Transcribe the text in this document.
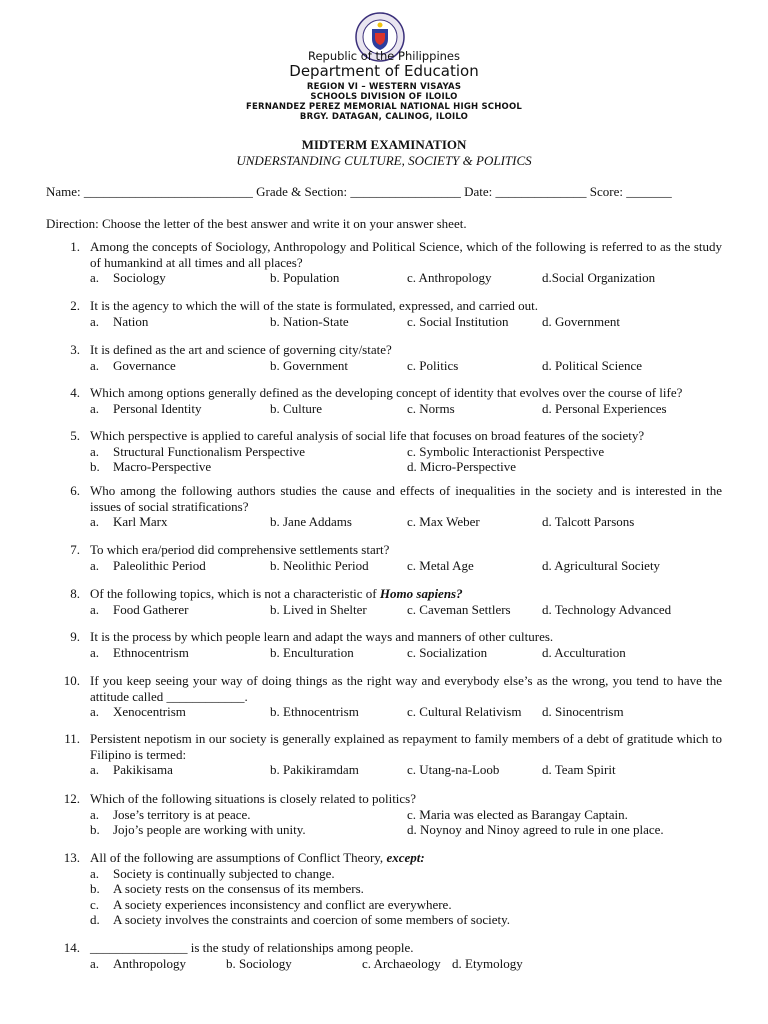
Republic of the Philippines
Department of Education
REGION VI – WESTERN VISAYAS
SCHOOLS DIVISION OF ILOILO
FERNANDEZ PEREZ MEMORIAL NATIONAL HIGH SCHOOL
BRGY. DATAGAN, CALINOG, ILOILO
MIDTERM EXAMINATION
UNDERSTANDING CULTURE, SOCIETY & POLITICS
Name: __________________________ Grade & Section: _________________ Date: ______________ Score: _______
Direction: Choose the letter of the best answer and write it on your answer sheet.
1. Among the concepts of Sociology, Anthropology and Political Science, which of the following is referred to as the study of humankind at all times and all places?
a. Sociology	b. Population	c. Anthropology	d.Social Organization
2. It is the agency to which the will of the state is formulated, expressed, and carried out.
a. Nation	b. Nation-State	c. Social Institution	d. Government
3. It is defined as the art and science of governing city/state?
a. Governance	b. Government	c. Politics	d. Political Science
4. Which among options generally defined as the developing concept of identity that evolves over the course of life?
a. Personal Identity	b. Culture	c. Norms	d. Personal Experiences
5. Which perspective is applied to careful analysis of social life that focuses on broad features of the society?
a. Structural Functionalism Perspective	c. Symbolic Interactionist Perspective
b. Macro-Perspective	d. Micro-Perspective
6. Who among the following authors studies the cause and effects of inequalities in the society and is interested in the issues of social stratifications?
a. Karl Marx	b. Jane Addams	c. Max Weber	d. Talcott Parsons
7. To which era/period did comprehensive settlements start?
a. Paleolithic Period	b. Neolithic Period	c. Metal Age	d. Agricultural Society
8. Of the following topics, which is not a characteristic of Homo sapiens?
a. Food Gatherer	b. Lived in Shelter	c. Caveman Settlers d. Technology Advanced
9. It is the process by which people learn and adapt the ways and manners of other cultures.
a. Ethnocentrism	b. Enculturation	c. Socialization	d. Acculturation
10. If you keep seeing your way of doing things as the right way and everybody else’s as the wrong, you tend to have the attitude called ____________.
a. Xenocentrism	b. Ethnocentrism	c. Cultural Relativism d. Sinocentrism
11. Persistent nepotism in our society is generally explained as repayment to family members of a debt of gratitude which to Filipino is termed:
a. Pakikisama	b. Pakikiramdam	c. Utang-na-Loob	d. Team Spirit
12. Which of the following situations is closely related to politics?
a. Jose’s territory is at peace.	c. Maria was elected as Barangay Captain.
b. Jojo’s people are working with unity.	d. Noynoy and Ninoy agreed to rule in one place.
13. All of the following are assumptions of Conflict Theory, except:
a. Society is continually subjected to change.
b. A society rests on the consensus of its members.
c. A society experiences inconsistency and conflict are everywhere.
d. A society involves the constraints and coercion of some members of society.
14. _______________ is the study of relationships among people.
a. Anthropology	b. Sociology	c. Archaeology d. Etymology
